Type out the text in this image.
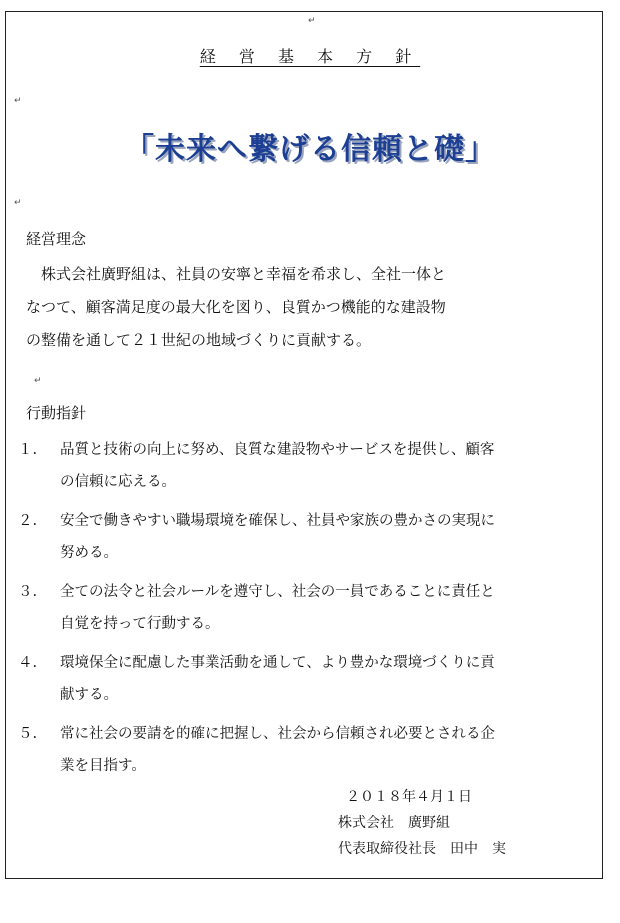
↵
経 営 基 本 方 針
↵
「未来へ繋げる信頼と礎」
↵
経営理念
　株式会社廣野組は、社員の安寧と幸福を希求し、全社一体と
なつて、顧客満足度の最大化を図り、良質かつ機能的な建設物
の整備を通して２１世紀の地域づくりに貢献する。
↵
行動指針
１.	品質と技術の向上に努め、良質な建設物やサービスを提供し、顧客
の信頼に応える。
２.	安全で働きやすい職場環境を確保し、社員や家族の豊かさの実現に
努める。
３.	全ての法令と社会ルールを遵守し、社会の一員であることに責任と
自覚を持って行動する。
４.	環境保全に配慮した事業活動を通して、より豊かな環境づくりに貢
献する。
５.	常に社会の要請を的確に把握し、社会から信頼され必要とされる企
業を目指す。
２０１８年４月１日
株式会社　廣野組
代表取締役社長　田中　実
